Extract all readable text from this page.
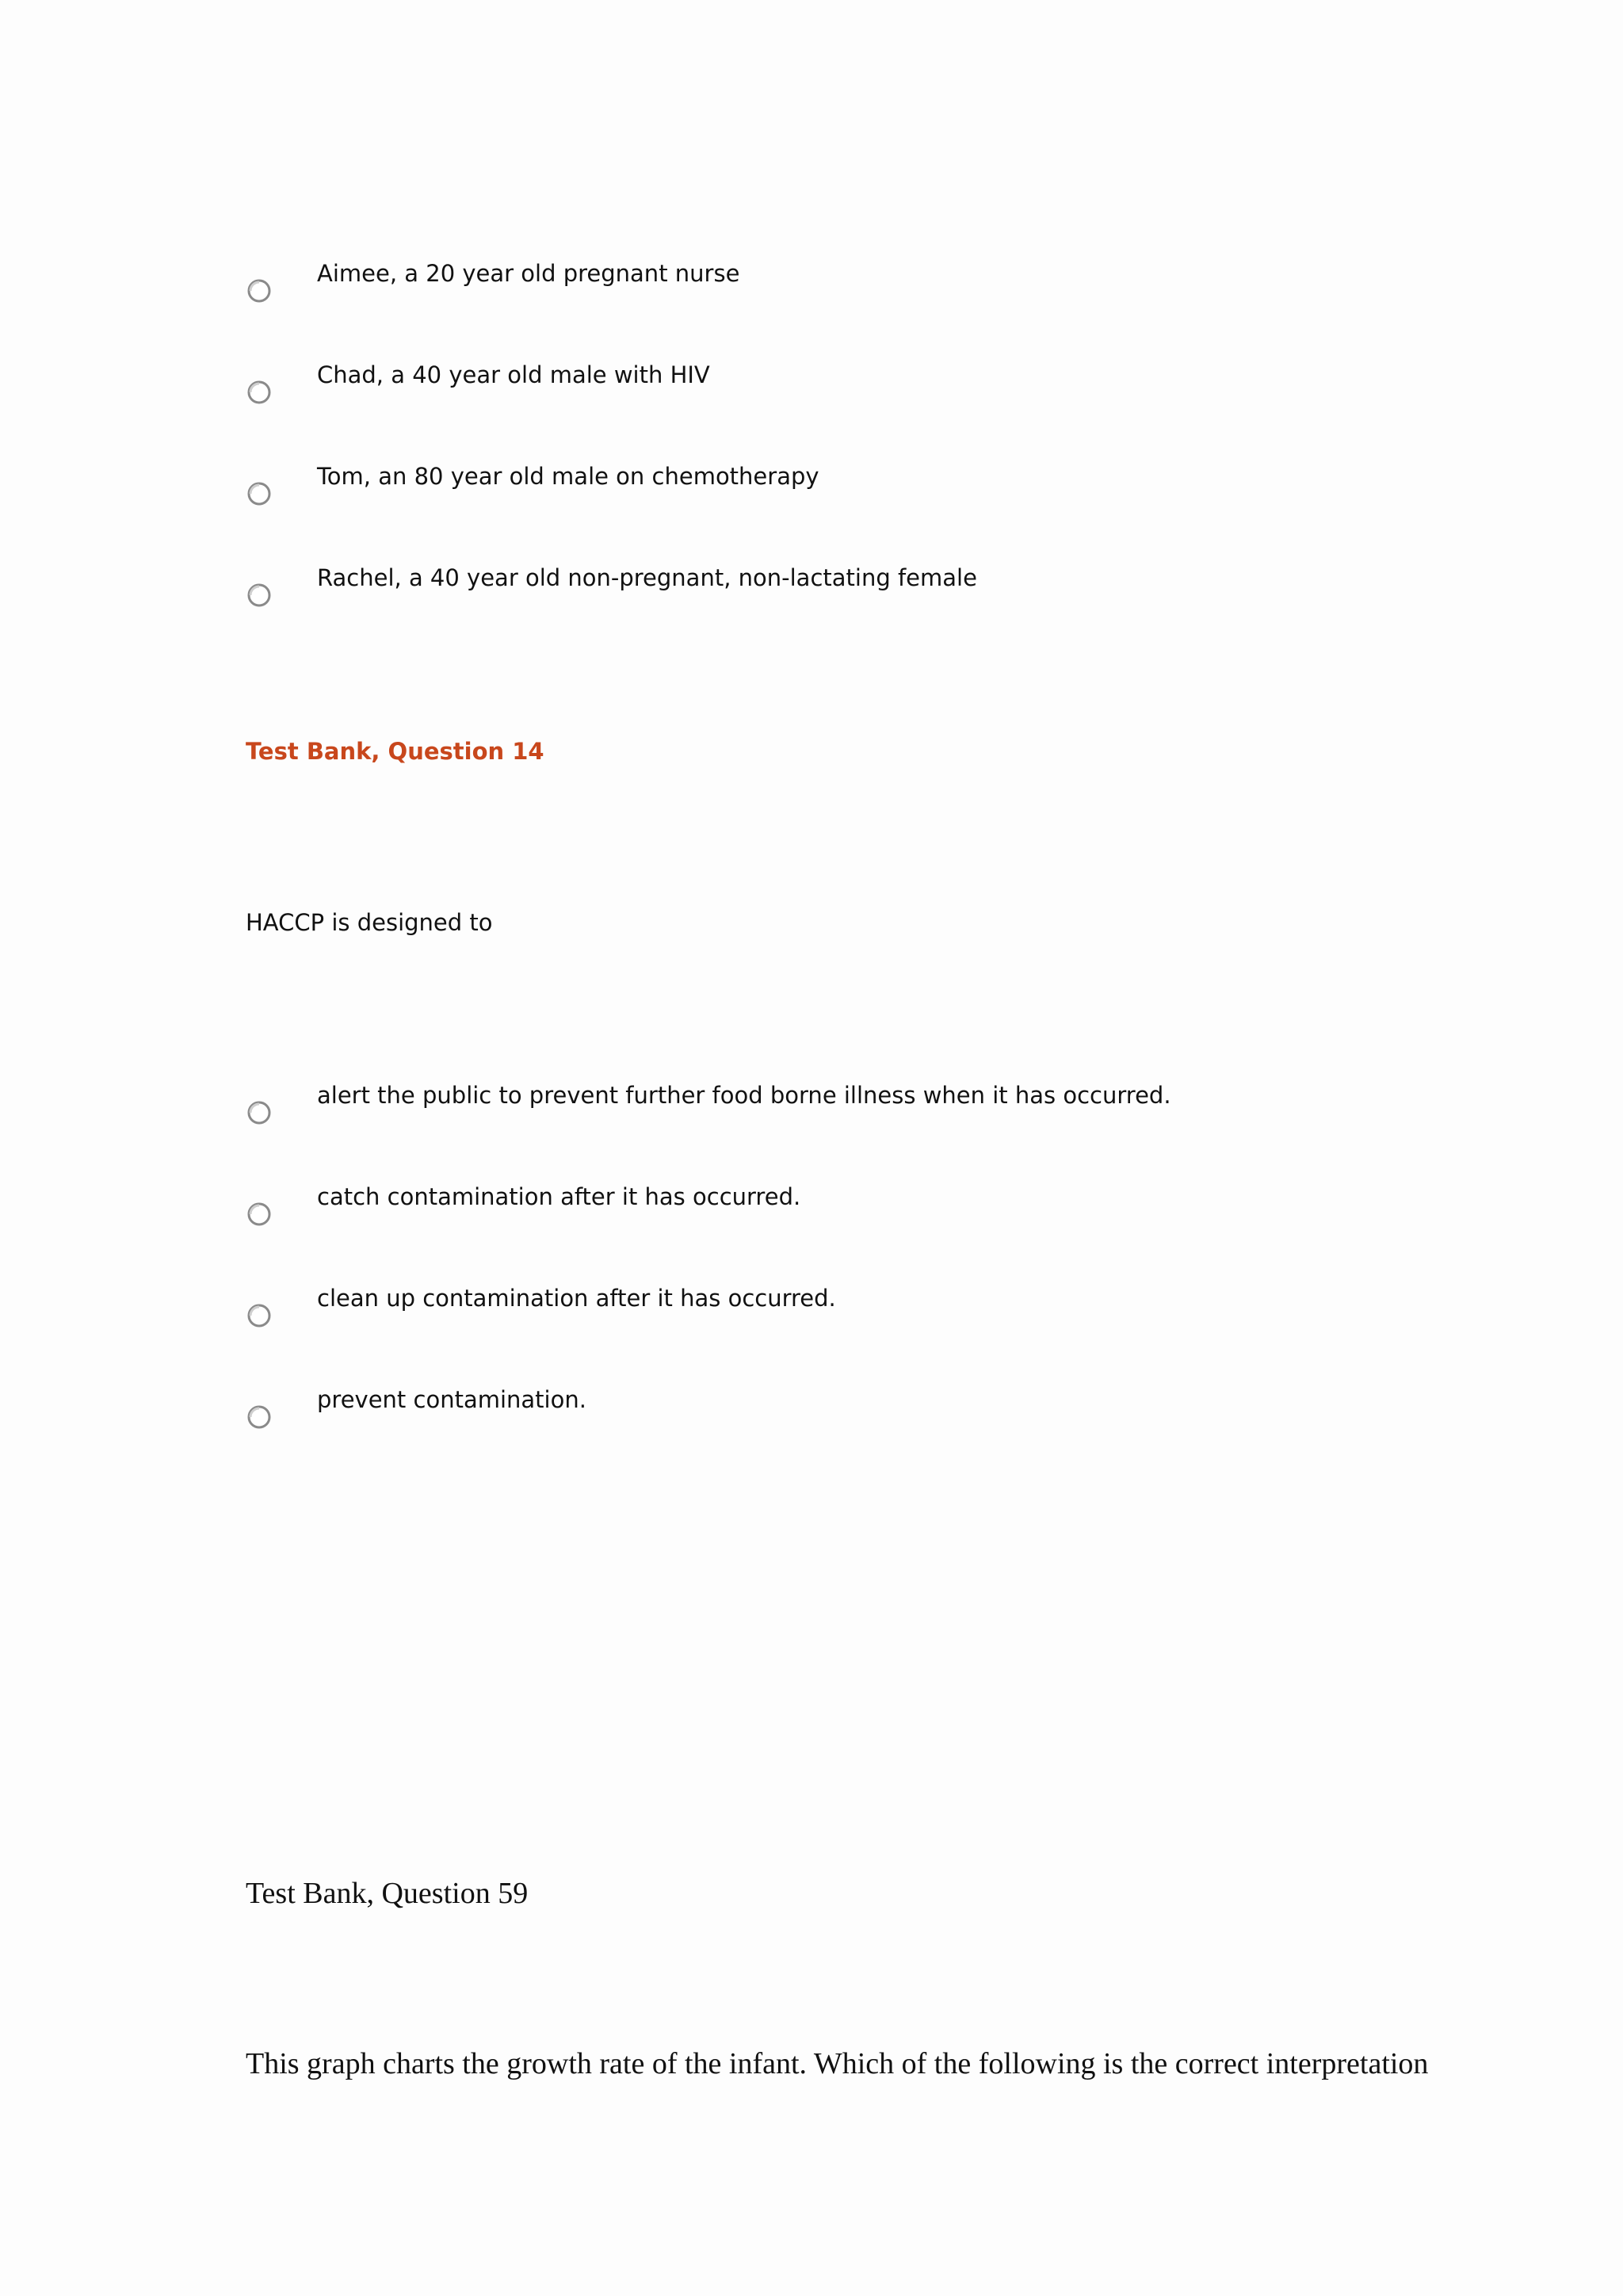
Aimee, a 20 year old pregnant nurse
Chad, a 40 year old male with HIV
Tom, an 80 year old male on chemotherapy
Rachel, a 40 year old non-pregnant, non-lactating female
Test Bank, Question 14
HACCP is designed to
alert the public to prevent further food borne illness when it has occurred.
catch contamination after it has occurred.
clean up contamination after it has occurred.
prevent contamination.
Test Bank, Question 59
This graph charts the growth rate of the infant. Which of the following is the correct interpretation
